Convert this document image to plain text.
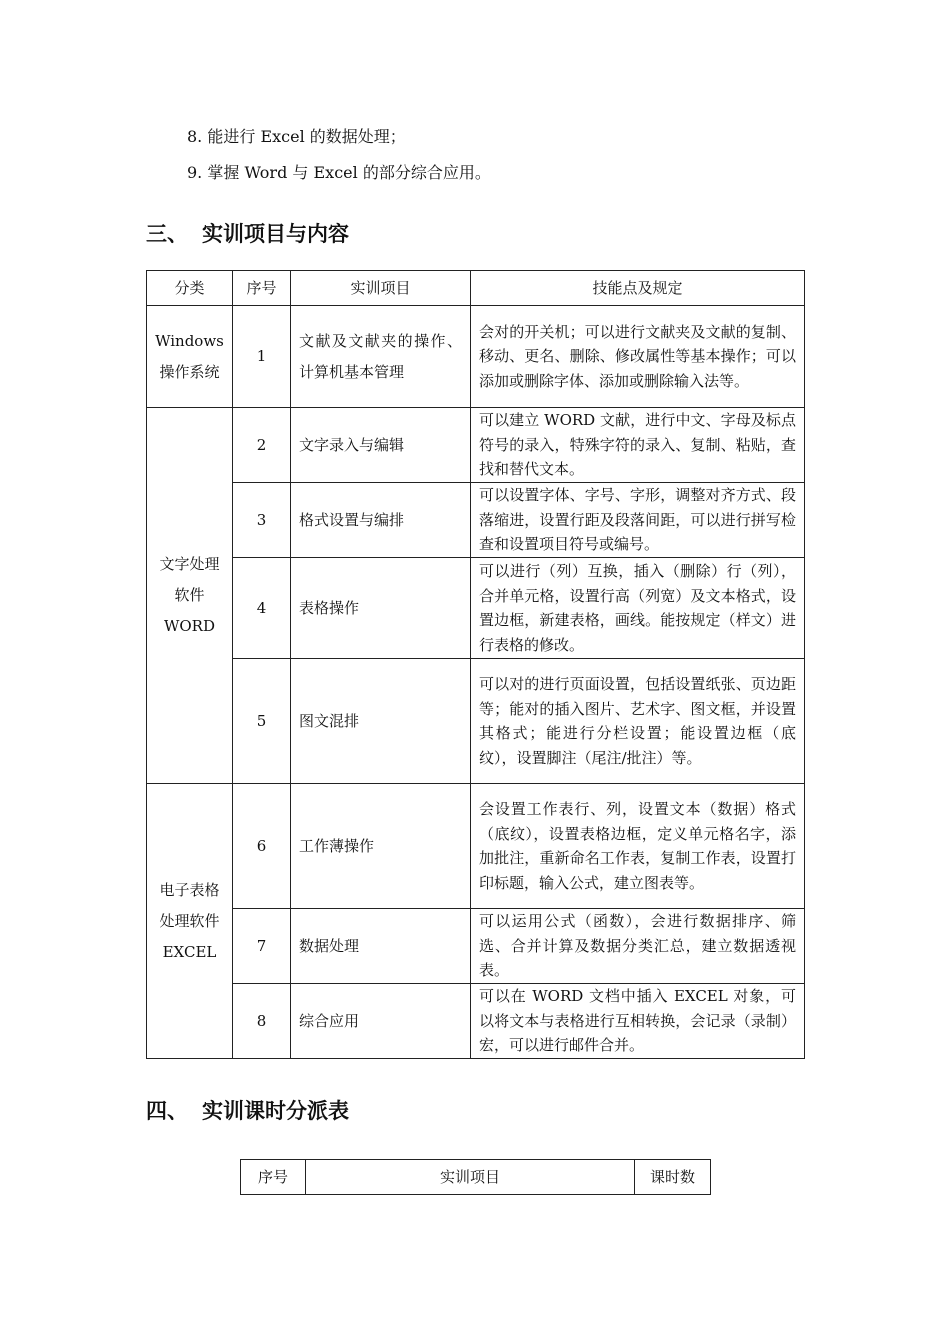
8. 能进行 Excel 的数据处理；
9. 掌握 Word 与 Excel 的部分综合应用。
三、 实训项目与内容
分类	序号	实训项目	技能点及规定

Windows
操作系统	1	文献及文献夹的操作、计算机基本管理	会对的开关机；可以进行文献夹及文献的复制、移动、更名、删除、修改属性等基本操作；可以添加或删除字体、添加或删除输入法等。

文字处理
软件
WORD	2	文字录入与编辑	可以建立 WORD 文献，进行中文、字母及标点符号的录入，特殊字符的录入、复制、粘贴，查找和替代文本。
	3	格式设置与编排	可以设置字体、字号、字形，调整对齐方式、段落缩进，设置行距及段落间距，可以进行拼写检查和设置项目符号或编号。
	4	表格操作	可以进行（列）互换，插入（删除）行（列），合并单元格，设置行高（列宽）及文本格式，设置边框，新建表格，画线。能按规定（样文）进行表格的修改。
	5	图文混排	可以对的进行页面设置，包括设置纸张、页边距等；能对的插入图片、艺术字、图文框，并设置其格式；能进行分栏设置；能设置边框（底纹），设置脚注（尾注/批注）等。

电子表格
处理软件
EXCEL	6	工作薄操作	会设置工作表行、列，设置文本（数据）格式（底纹），设置表格边框，定义单元格名字，添加批注，重新命名工作表，复制工作表，设置打印标题，输入公式，建立图表等。
	7	数据处理	可以运用公式（函数），会进行数据排序、筛选、合并计算及数据分类汇总，建立数据透视表。
	8	综合应用	可以在 WORD 文档中插入 EXCEL 对象，可以将文本与表格进行互相转换，会记录（录制）宏，可以进行邮件合并。
四、 实训课时分派表
序号	实训项目	课时数
